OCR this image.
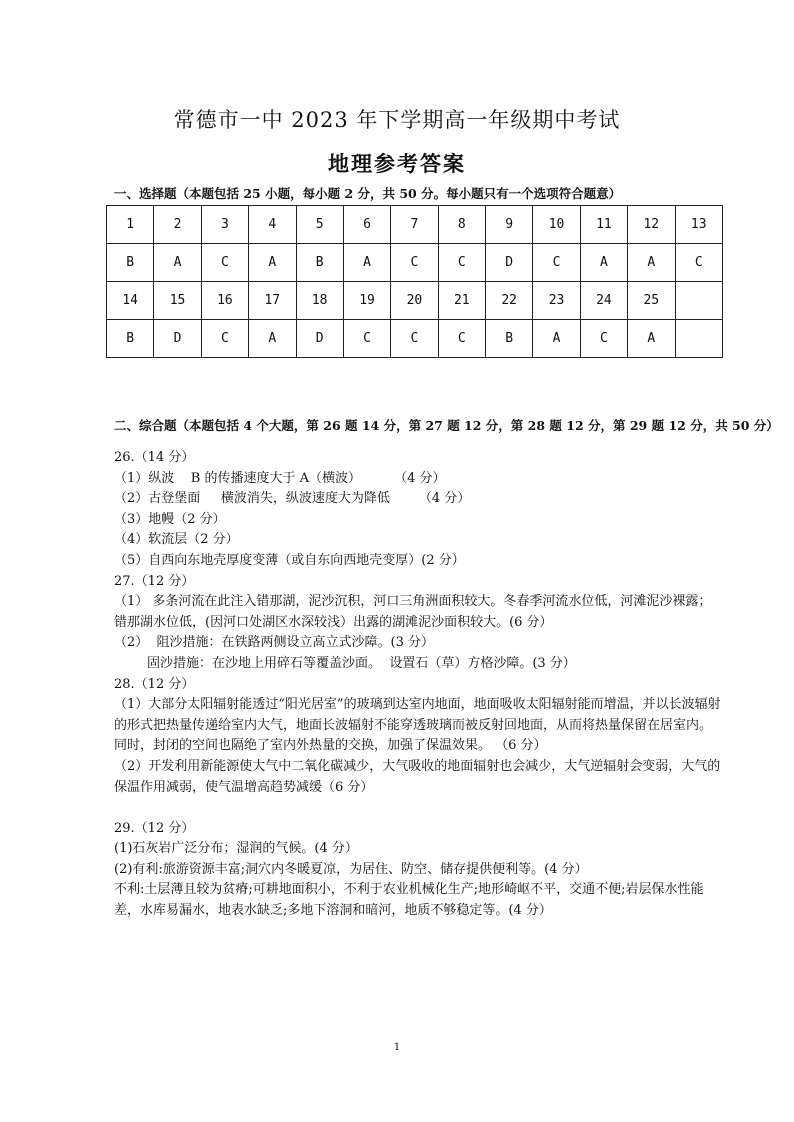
常德市一中 2023 年下学期高一年级期中考试
地理参考答案
一、选择题（本题包括 25 小题，每小题 2 分，共 50 分。每小题只有一个选项符合题意）
1	2	3	4	5	6	7	8	9	10	11	12	13
B	A	C	A	B	A	C	C	D	C	A	A	C
14	15	16	17	18	19	20	21	22	23	24	25	
B	D	C	A	D	C	C	C	B	A	C	A	
二、综合题（本题包括 4 个大题，第 26 题 14 分，第 27 题 12 分，第 28 题 12 分，第 29 题 12 分，共 50 分）
26.（14 分）
（1）纵波    B 的传播速度大于 A（横波）        （4 分）
（2）古登堡面     横波消失，纵波速度大为降低       （4 分）
（3）地幔（2 分）
（4）软流层（2 分）
（5）自西向东地壳厚度变薄（或自东向西地壳变厚）(2 分）
27.（12 分）
（1） 多条河流在此注入错那湖，泥沙沉积，河口三角洲面积较大。冬春季河流水位低，河滩泥沙裸露；错那湖水位低，(因河口处湖区水深较浅）出露的湖滩泥沙面积较大。(6 分）
（2）  阻沙措施：在铁路两侧设立高立式沙障。(3 分）
固沙措施：在沙地上用碎石等覆盖沙面。  设置石（草）方格沙障。(3 分）
28.（12 分）
（1）大部分太阳辐射能透过“阳光居室”的玻璃到达室内地面，地面吸收太阳辐射能而增温，并以长波辐射的形式把热量传递给室内大气，地面长波辐射不能穿透玻璃而被反射回地面，从而将热量保留在居室内。同时，封闭的空间也隔绝了室内外热量的交换，加强了保温效果。 （6 分）
（2）开发利用新能源使大气中二氧化碳减少，大气吸收的地面辐射也会减少，大气逆辐射会变弱，大气的保温作用减弱，使气温增高趋势减缓（6 分）
29.（12 分）
(1)石灰岩广泛分布；湿润的气候。(4 分）
(2)有利:旅游资源丰富;洞穴内冬暖夏凉，为居住、防空、储存提供便利等。(4 分）
不利:土层薄且较为贫瘠;可耕地面积小，不利于农业机械化生产;地形崎岖不平，交通不便;岩层保水性能差，水库易漏水，地表水缺乏;多地下溶洞和暗河，地质不够稳定等。(4 分）
1
